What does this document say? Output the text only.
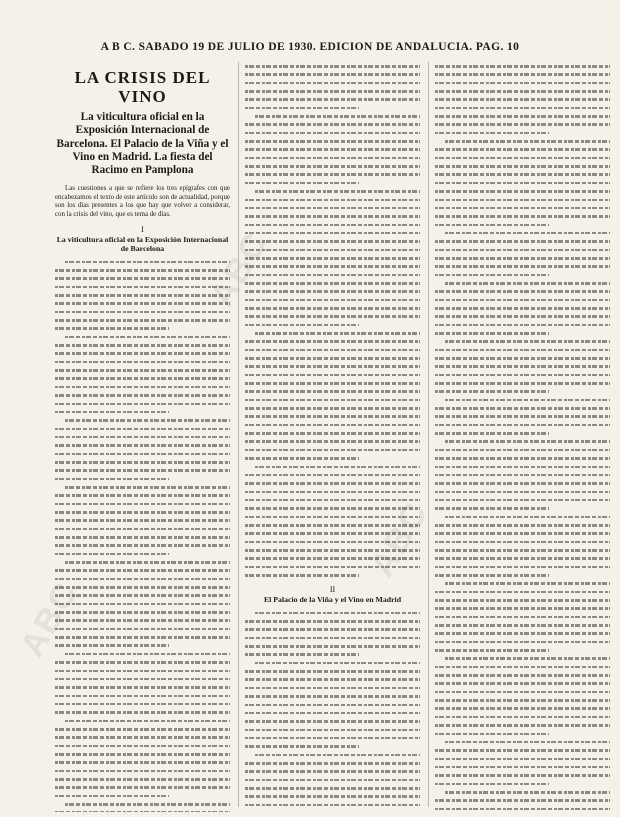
A B C. SABADO 19 DE JULIO DE 1930. EDICION DE ANDALUCIA. PAG. 10
ABC
ABC
ABC
LA CRISIS DEL VINO
La viticultura oficial en la Exposición Internacional de Barcelona. El Palacio de la Viña y el Vino en Madrid. La fiesta del Racimo en Pamplona

Las cuestiones a que se refiere los tres epígrafes con que encabezamos el texto de este artículo son de actualidad, porque son los días presentes a los que hay que volver a considerar, con la crisis del vino, que es tema de días.

I
La viticultura oficial en la Exposición Internacional de Barcelona
II
El Palacio de la Viña y el Vino en Madrid
